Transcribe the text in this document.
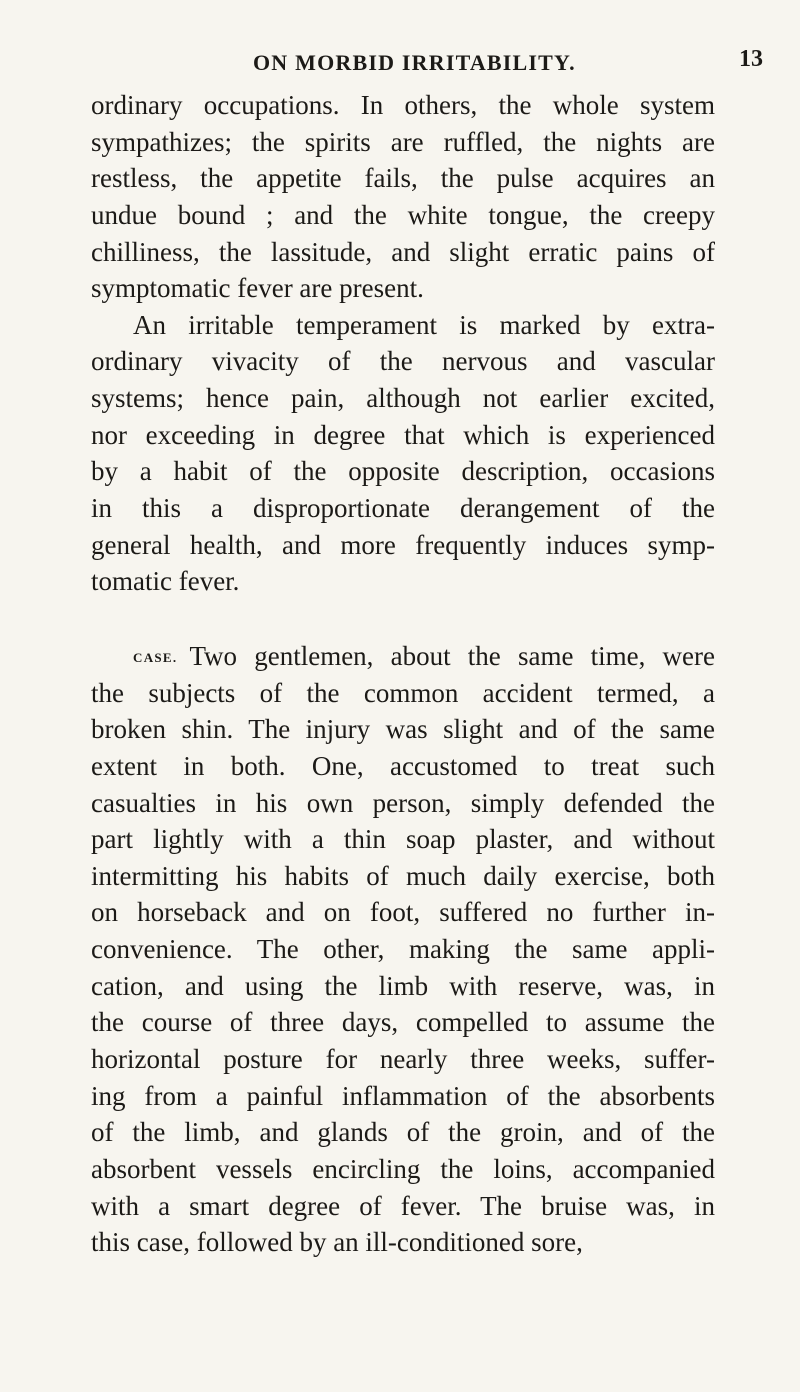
ON MORBID IRRITABILITY.	13
ordinary occupations. In others, the whole system
sympathizes; the spirits are ruffled, the nights are
restless, the appetite fails, the pulse acquires an
undue bound ; and the white tongue, the creepy
chilliness, the lassitude, and slight erratic pains of
symptomatic fever are present.
An irritable temperament is marked by extra-
ordinary vivacity of the nervous and vascular
systems; hence pain, although not earlier excited,
nor exceeding in degree that which is experienced
by a habit of the opposite description, occasions
in this a disproportionate derangement of the
general health, and more frequently induces symp-
tomatic fever.
CASE. Two gentlemen, about the same time, were
the subjects of the common accident termed, a
broken shin. The injury was slight and of the same
extent in both. One, accustomed to treat such
casualties in his own person, simply defended the
part lightly with a thin soap plaster, and without
intermitting his habits of much daily exercise, both
on horseback and on foot, suffered no further in-
convenience. The other, making the same appli-
cation, and using the limb with reserve, was, in
the course of three days, compelled to assume the
horizontal posture for nearly three weeks, suffer-
ing from a painful inflammation of the absorbents
of the limb, and glands of the groin, and of the
absorbent vessels encircling the loins, accompanied
with a smart degree of fever. The bruise was, in
this case, followed by an ill-conditioned sore,
